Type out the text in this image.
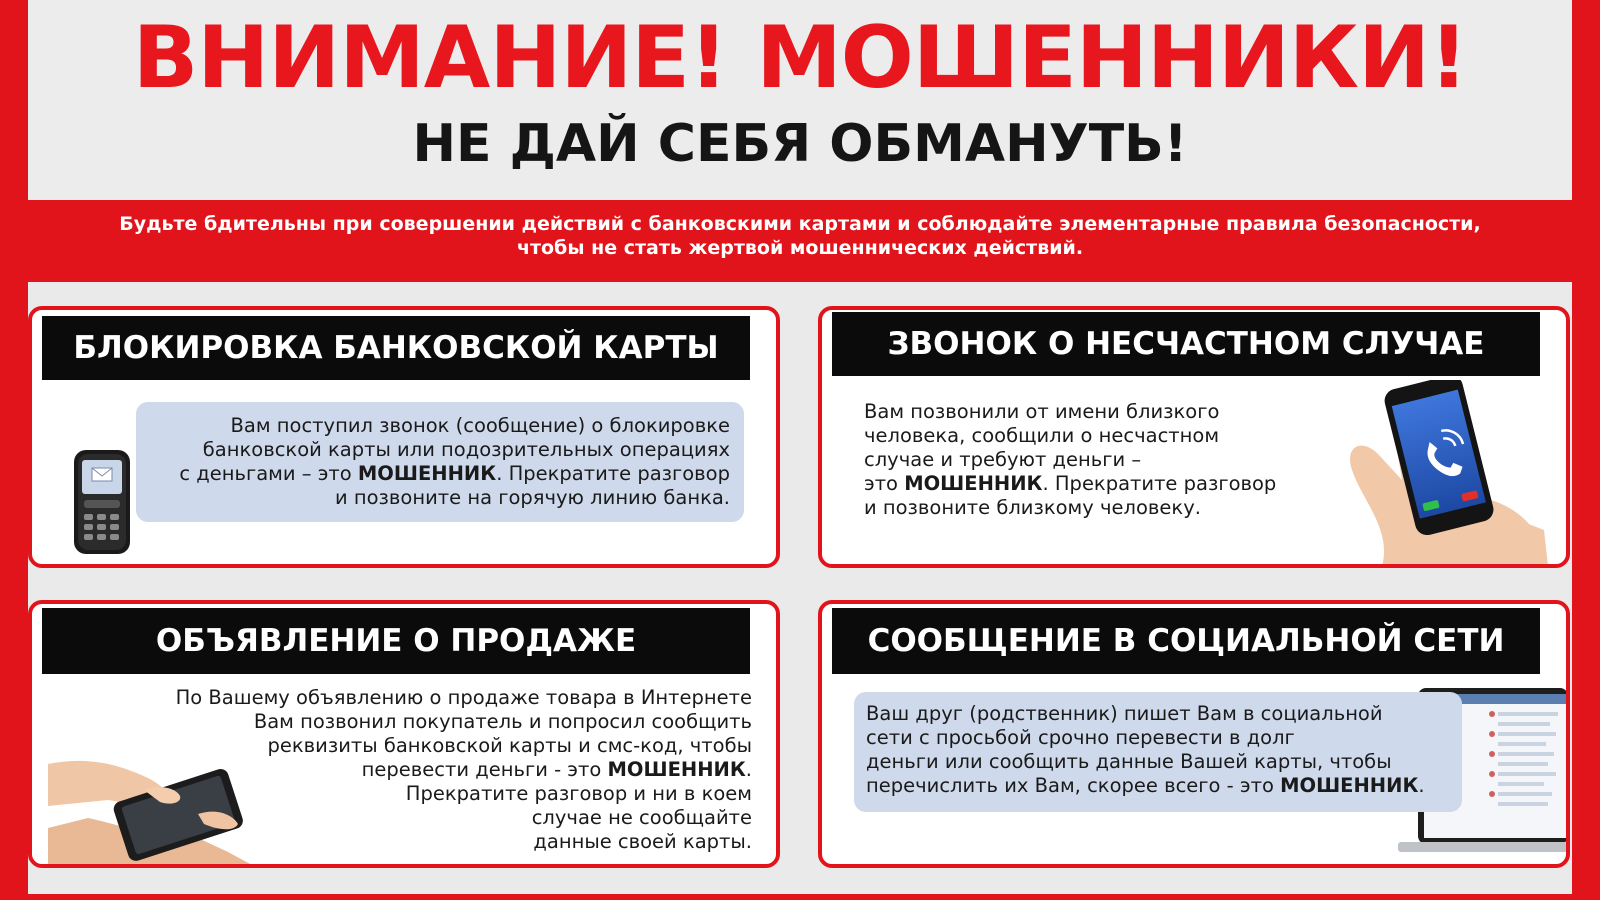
ВНИМАНИЕ! МОШЕННИКИ!
НЕ ДАЙ СЕБЯ ОБМАНУТЬ!
Будьте бдительны при совершении действий с банковскими картами и соблюдайте элементарные правила безопасности,
чтобы не стать жертвой мошеннических действий.
БЛОКИРОВКА БАНКОВСКОЙ КАРТЫ
Вам поступил звонок (сообщение) о блокировке
банковской карты или подозрительных операциях
с деньгами – это МОШЕННИК. Прекратите разговор
и позвоните на горячую линию банка.
ЗВОНОК О НЕСЧАСТНОМ СЛУЧАЕ
Вам позвонили от имени близкого
человека, сообщили о несчастном
случае и требуют деньги –
это МОШЕННИК. Прекратите разговор
и позвоните близкому человеку.
ОБЪЯВЛЕНИЕ О ПРОДАЖЕ
По Вашему объявлению о продаже товара в Интернете
Вам позвонил покупатель и попросил сообщить
реквизиты банковской карты и смс-код, чтобы
перевести деньги - это МОШЕННИК.
Прекратите разговор и ни в коем
случае не сообщайте
данные своей карты.
СООБЩЕНИЕ В СОЦИАЛЬНОЙ СЕТИ
Ваш друг (родственник) пишет Вам в социальной
сети с просьбой срочно перевести в долг
деньги или сообщить данные Вашей карты, чтобы
перечислить их Вам, скорее всего - это МОШЕННИК.
